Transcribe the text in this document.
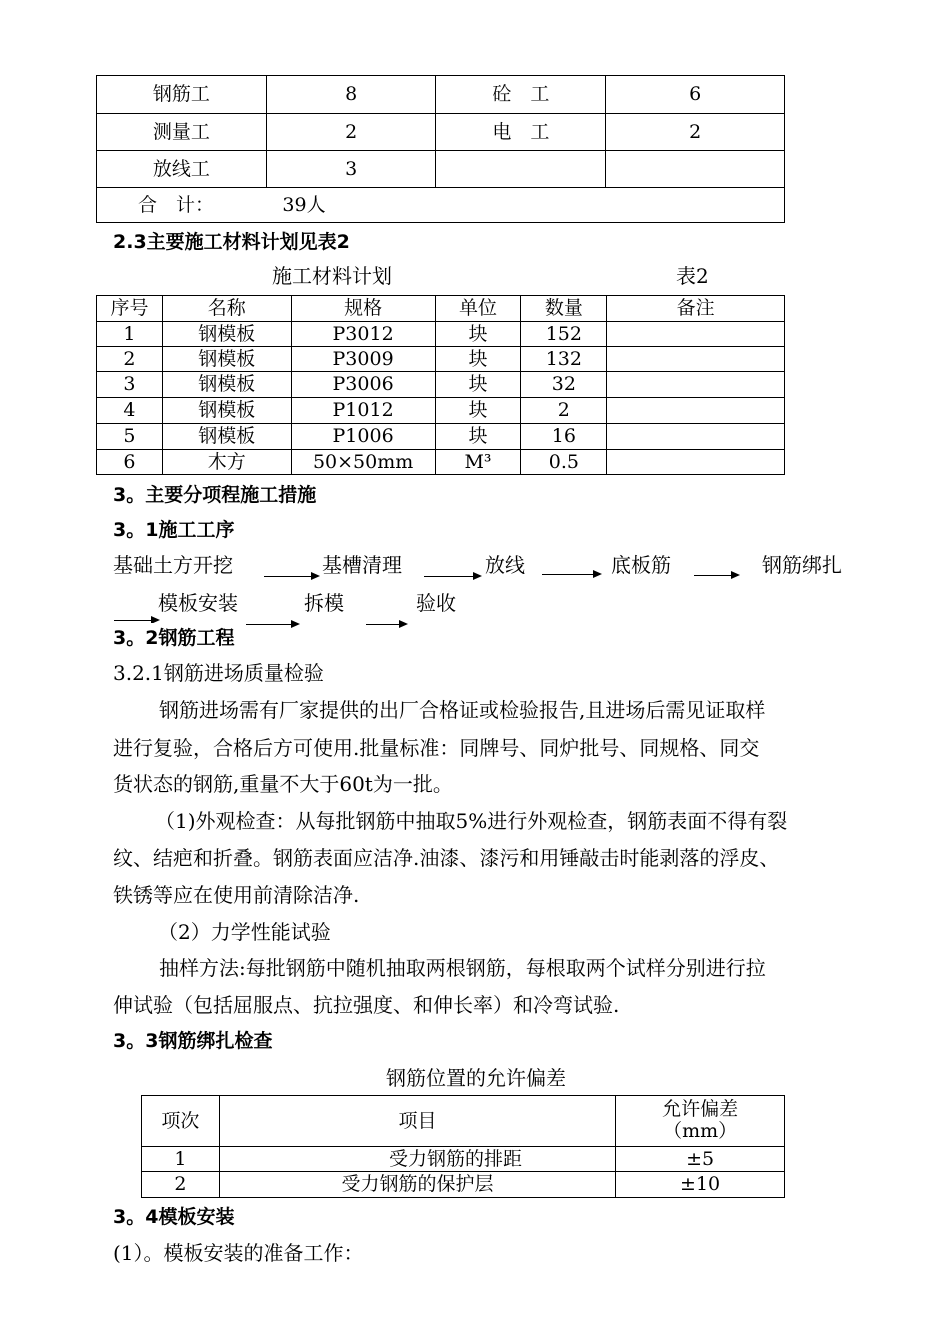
钢筋工	8	砼　工	6
测量工	2	电　工	2
放线工	3		
合　计： 39人			
2.3主要施工材料计划见表2
施工材料计划	表2
序号	名称	规格	单位	数量	备注
1	钢模板	P3012	块	152	
2	钢模板	P3009	块	132	
3	钢模板	P3006	块	32	
4	钢模板	P1012	块	2	
5	钢模板	P1006	块	16	
6	木方	50×50mm	M³	0.5	
3。主要分项程施工措施
3。1施工工序
基础土方开挖	基槽清理	放线	底板筋	钢筋绑扎
模板安装	拆模	验收
3。2钢筋工程
3.2.1钢筋进场质量检验
钢筋进场需有厂家提供的出厂合格证或检验报告,且进场后需见证取样
进行复验，合格后方可使用.批量标准：同牌号、同炉批号、同规格、同交
货状态的钢筋,重量不大于60t为一批。
（1)外观检查：从每批钢筋中抽取5%进行外观检查，钢筋表面不得有裂
纹、结疤和折叠。钢筋表面应洁净.油漆、漆污和用锤敲击时能剥落的浮皮、
铁锈等应在使用前清除洁净.
（2）力学性能试验
抽样方法:每批钢筋中随机抽取两根钢筋，每根取两个试样分别进行拉
伸试验（包括屈服点、抗拉强度、和伸长率）和冷弯试验.
3。3钢筋绑扎检查
钢筋位置的允许偏差
项次	项目	允许偏差
（mm）

1	受力钢筋的排距	±5
2	受力钢筋的保护层	±10
3。4模板安装
(1）。模板安装的准备工作：
